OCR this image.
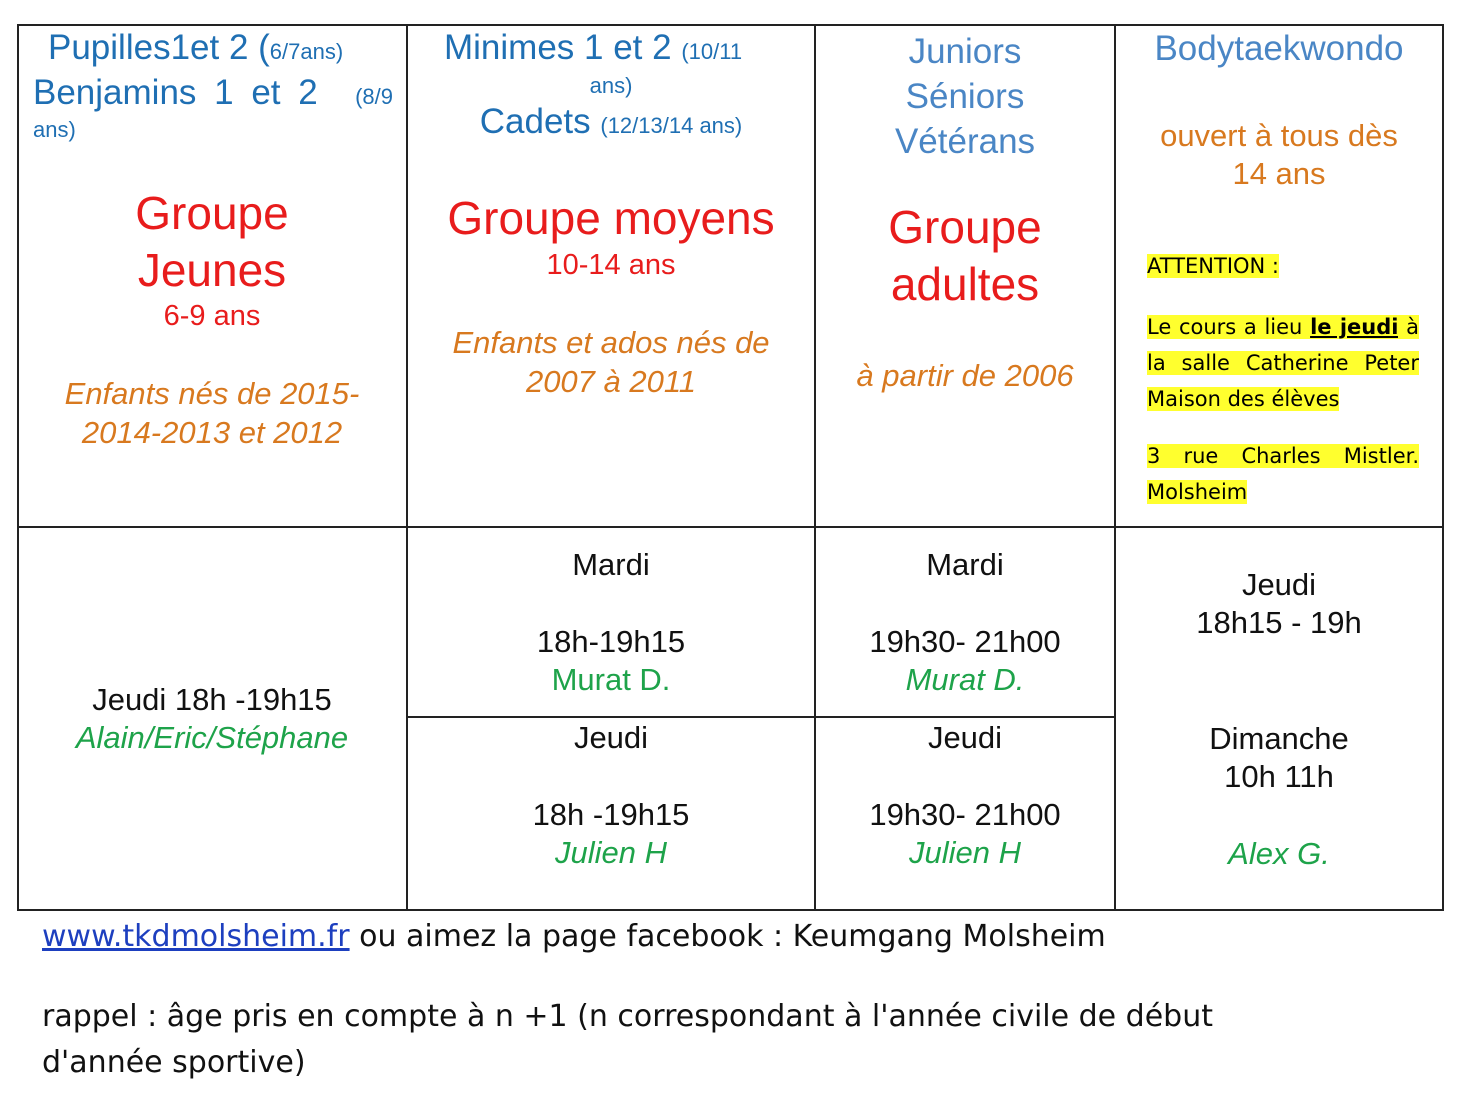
Pupilles1et 2 (6/7ans)
Benjamins 1 et 2 (8/9
ans)
Groupe
Jeunes
6-9 ans
Enfants nés de 2015-
2014-2013 et 2012
Minimes 1 et 2 (10/11
ans)
Cadets (12/13/14 ans)
Groupe moyens
10-14 ans
Enfants et ados nés de
2007 à 2011
Juniors
Séniors
Vétérans
Groupe
adultes
à partir de 2006
Bodytaekwondo
ouvert à tous dès
14 ans
ATTENTION :
Le cours a lieu le jeudi à la salle Catherine Peter Maison des élèves
3 rue Charles Mistler. Molsheim
Jeudi 18h -19h15
Alain/Eric/Stéphane
Mardi
18h-19h15
Murat D.
Jeudi
18h -19h15
Julien H
Mardi
19h30- 21h00
Murat D.
Jeudi
19h30- 21h00
Julien H
Jeudi
18h15 - 19h
Dimanche
10h 11h
Alex G.
www.tkdmolsheim.fr ou aimez la page facebook : Keumgang Molsheim
rappel : âge pris en compte à n +1 (n correspondant à l'année civile de début
d'année sportive)
